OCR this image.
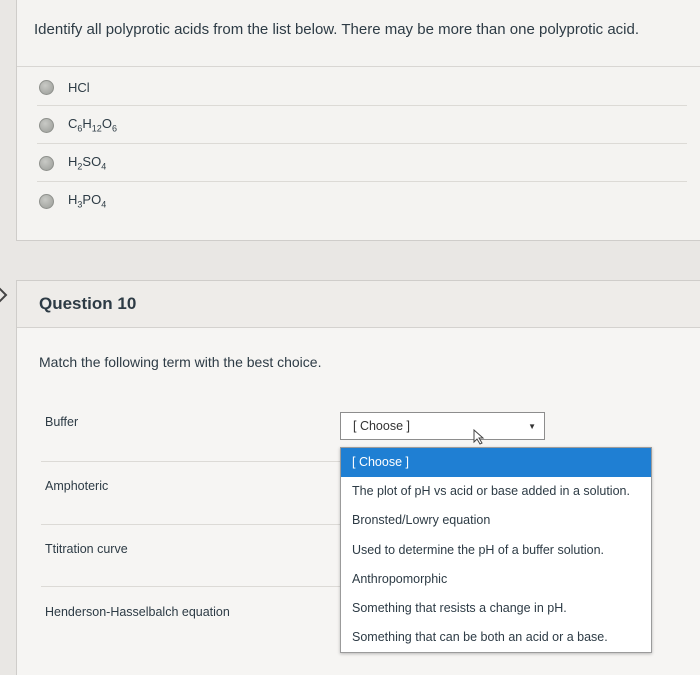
Identify all polyprotic acids from the list below. There may be more than one polyprotic acid.
HCl
$C_6H_{12}O_6$
$H_2SO_4$
$H_3PO_4$
Question 10
Match the following term with the best choice.
Buffer
Amphoteric
Ttitration curve
Henderson-Hasselbalch equation
[ Choose ]	▼
[ Choose ]
The plot of pH vs acid or base added in a solution.
Bronsted/Lowry equation
Used to determine the pH of a buffer solution.
Anthropomorphic
Something that resists a change in pH.
Something that can be both an acid or a base.
